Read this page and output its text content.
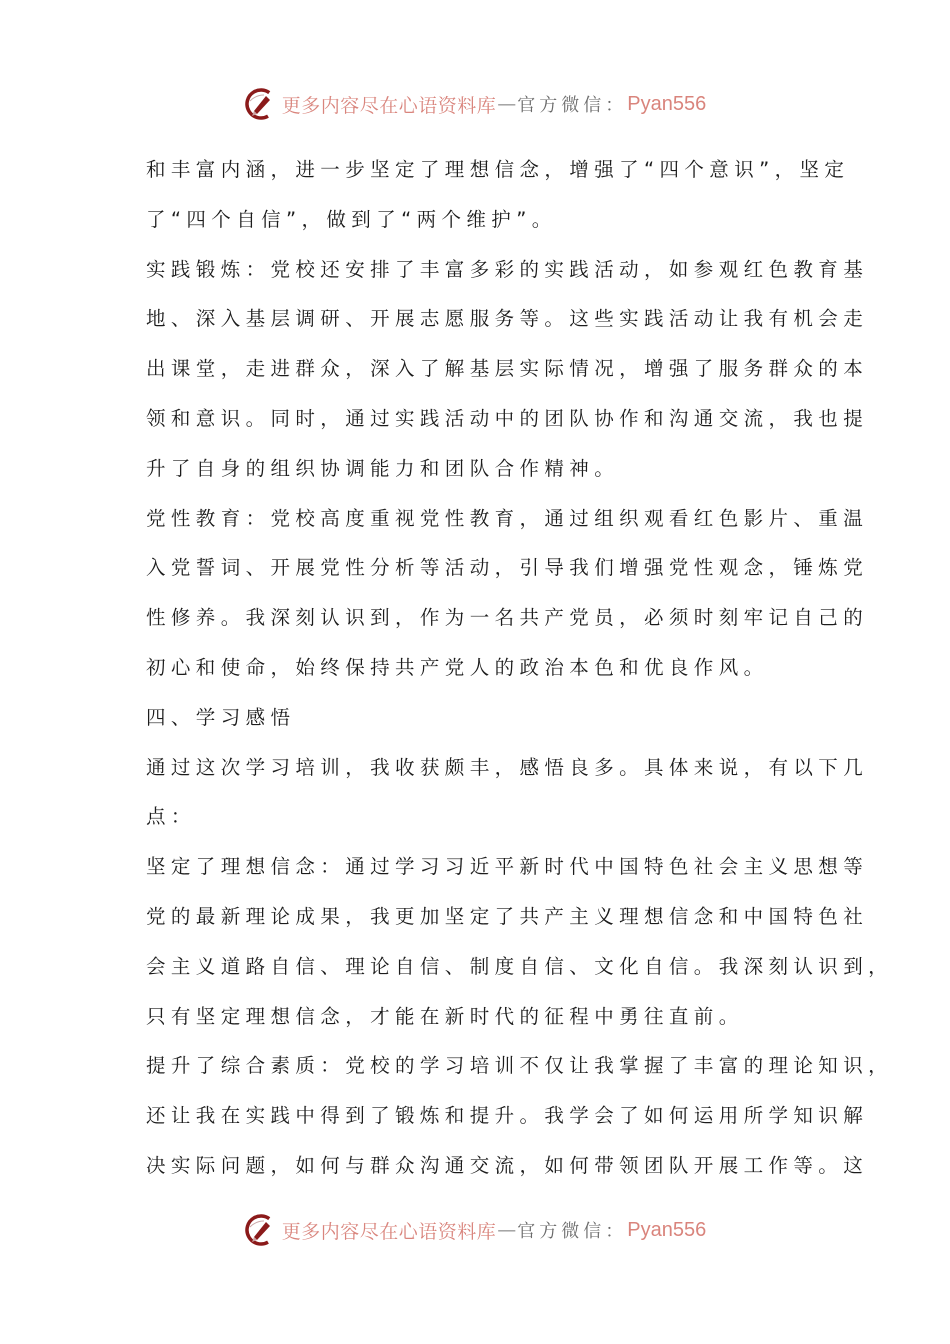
更多内容尽在心语资料库 — 官方微信： Pyan556
和丰富内涵，进一步坚定了理想信念，增强了“四个意识”，坚定
了“四个自信”，做到了“两个维护”。
实践锻炼：党校还安排了丰富多彩的实践活动，如参观红色教育基
地、深入基层调研、开展志愿服务等。这些实践活动让我有机会走
出课堂，走进群众，深入了解基层实际情况，增强了服务群众的本
领和意识。同时，通过实践活动中的团队协作和沟通交流，我也提
升了自身的组织协调能力和团队合作精神。
党性教育：党校高度重视党性教育，通过组织观看红色影片、重温
入党誓词、开展党性分析等活动，引导我们增强党性观念，锤炼党
性修养。我深刻认识到，作为一名共产党员，必须时刻牢记自己的
初心和使命，始终保持共产党人的政治本色和优良作风。
四、学习感悟
通过这次学习培训，我收获颇丰，感悟良多。具体来说，有以下几
点：
坚定了理想信念：通过学习习近平新时代中国特色社会主义思想等
党的最新理论成果，我更加坚定了共产主义理想信念和中国特色社
会主义道路自信、理论自信、制度自信、文化自信。我深刻认识到，
只有坚定理想信念，才能在新时代的征程中勇往直前。
提升了综合素质：党校的学习培训不仅让我掌握了丰富的理论知识，
还让我在实践中得到了锻炼和提升。我学会了如何运用所学知识解
决实际问题，如何与群众沟通交流，如何带领团队开展工作等。这
更多内容尽在心语资料库 — 官方微信： Pyan556
